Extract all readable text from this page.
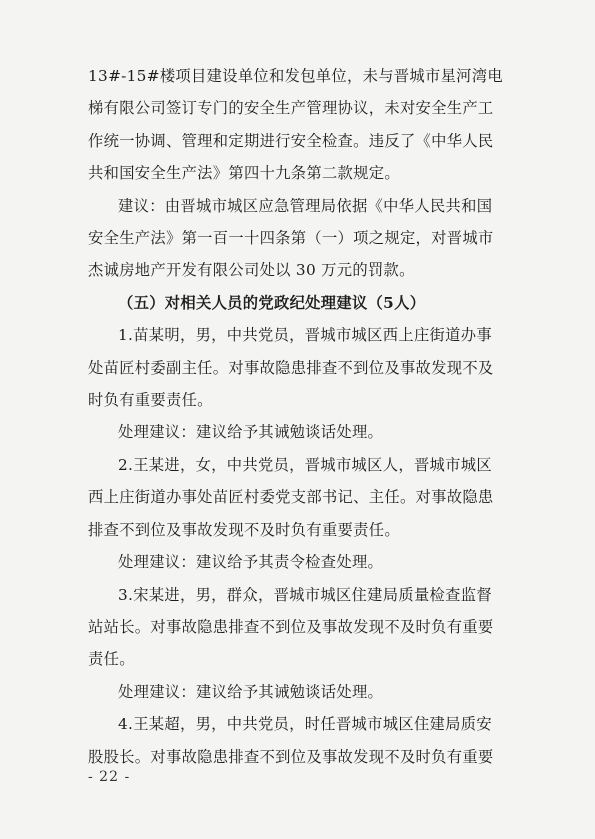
13#-15#楼项目建设单位和发包单位，未与晋城市星河湾电
梯有限公司签订专门的安全生产管理协议，未对安全生产工
作统一协调、管理和定期进行安全检查。违反了《中华人民
共和国安全生产法》第四十九条第二款规定。
建议：由晋城市城区应急管理局依据《中华人民共和国
安全生产法》第一百一十四条第（一）项之规定，对晋城市
杰诚房地产开发有限公司处以 30 万元的罚款。
（五）对相关人员的党政纪处理建议（5人）
1.苗某明，男，中共党员，晋城市城区西上庄街道办事
处苗匠村委副主任。对事故隐患排查不到位及事故发现不及
时负有重要责任。
处理建议：建议给予其诫勉谈话处理。
2.王某进，女，中共党员，晋城市城区人，晋城市城区
西上庄街道办事处苗匠村委党支部书记、主任。对事故隐患
排查不到位及事故发现不及时负有重要责任。
处理建议：建议给予其责令检查处理。
3.宋某进，男，群众，晋城市城区住建局质量检查监督
站站长。对事故隐患排查不到位及事故发现不及时负有重要
责任。
处理建议：建议给予其诫勉谈话处理。
4.王某超，男，中共党员，时任晋城市城区住建局质安
股股长。对事故隐患排查不到位及事故发现不及时负有重要
- 22 -
